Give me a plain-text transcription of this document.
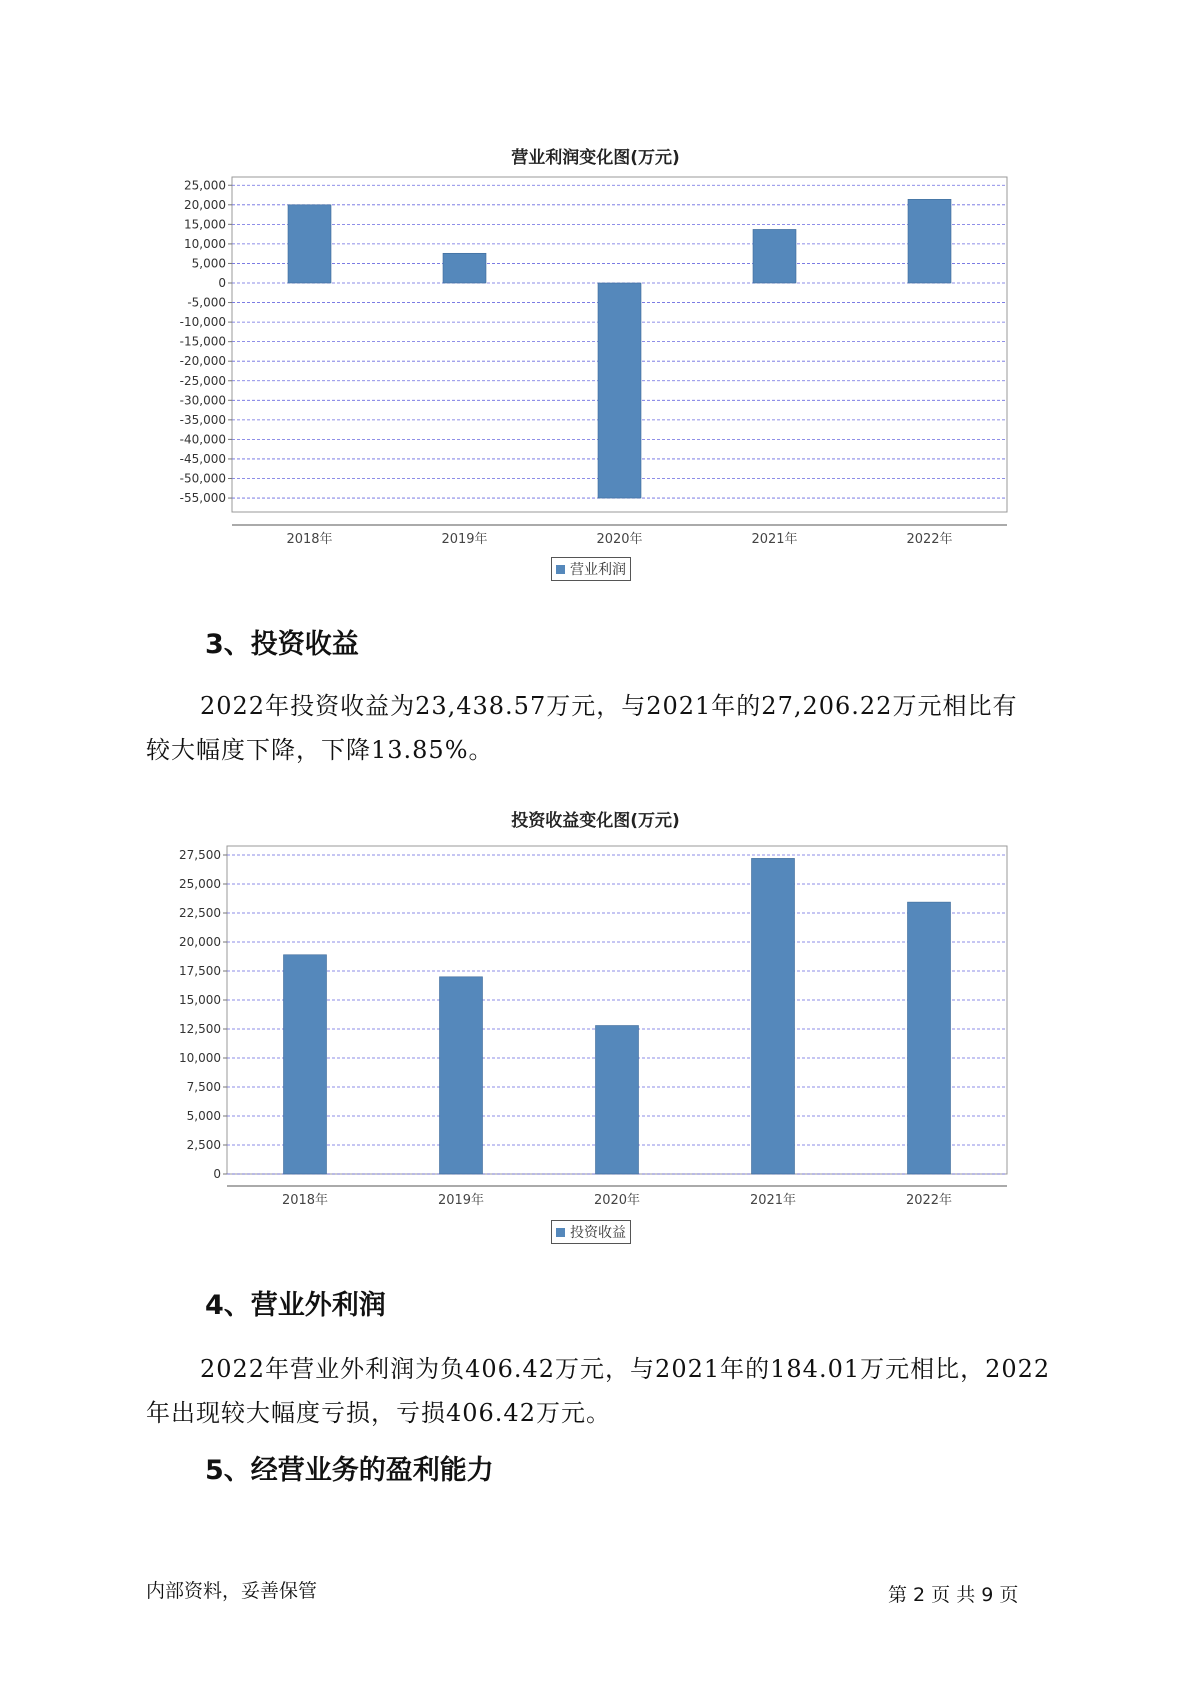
营业利润变化图(万元)
25,000
20,000
15,000
10,000
5,000
0
-5,000
-10,000
-15,000
-20,000
-25,000
-30,000
-35,000
-40,000
-45,000
-50,000
-55,000
2018年	2019年	2020年	2021年	2022年
营业利润
3、投资收益
2022年投资收益为23,438.57万元，与2021年的27,206.22万元相比有
较大幅度下降，下降13.85%。
投资收益变化图(万元)
27,500
25,000
22,500
20,000
17,500
15,000
12,500
10,000
7,500
5,000
2,500
0
2018年	2019年	2020年	2021年	2022年
投资收益
4、营业外利润
2022年营业外利润为负406.42万元，与2021年的184.01万元相比，2022
年出现较大幅度亏损，亏损406.42万元。
5、经营业务的盈利能力
内部资料，妥善保管	第 2 页 共 9 页
